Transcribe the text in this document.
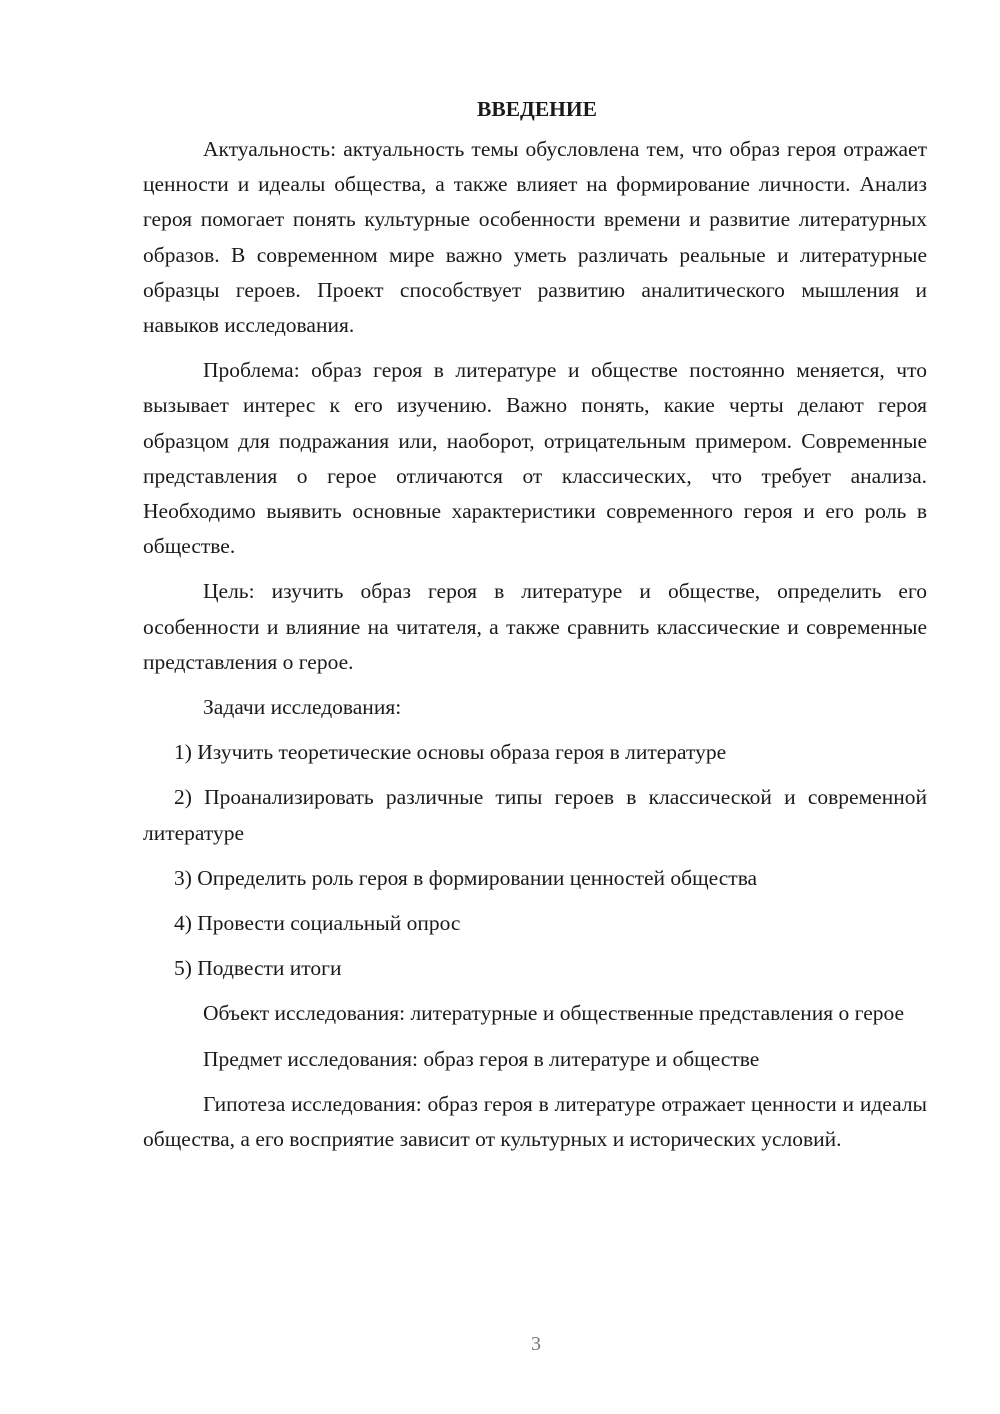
ВВЕДЕНИЕ

Актуальность: актуальность темы обусловлена тем, что образ героя отражает ценности и идеалы общества, а также влияет на формирование личности. Анализ героя помогает понять культурные особенности времени и развитие литературных образов. В современном мире важно уметь различать реальные и литературные образцы героев. Проект способствует развитию аналитического мышления и навыков исследования.

Проблема: образ героя в литературе и обществе постоянно меняется, что вызывает интерес к его изучению. Важно понять, какие черты делают героя образцом для подражания или, наоборот, отрицательным примером. Современные представления о герое отличаются от классических, что требует анализа. Необходимо выявить основные характеристики современного героя и его роль в обществе.

Цель: изучить образ героя в литературе и обществе, определить его особенности и влияние на читателя, а также сравнить классические и современные представления о герое.

Задачи исследования:

1) Изучить теоретические основы образа героя в литературе

2) Проанализировать различные типы героев в классической и современной литературе

3) Определить роль героя в формировании ценностей общества

4) Провести социальный опрос

5) Подвести итоги

Объект исследования: литературные и общественные представления о герое

Предмет исследования: образ героя в литературе и обществе

Гипотеза исследования: образ героя в литературе отражает ценности и идеалы общества, а его восприятие зависит от культурных и исторических условий.

3
